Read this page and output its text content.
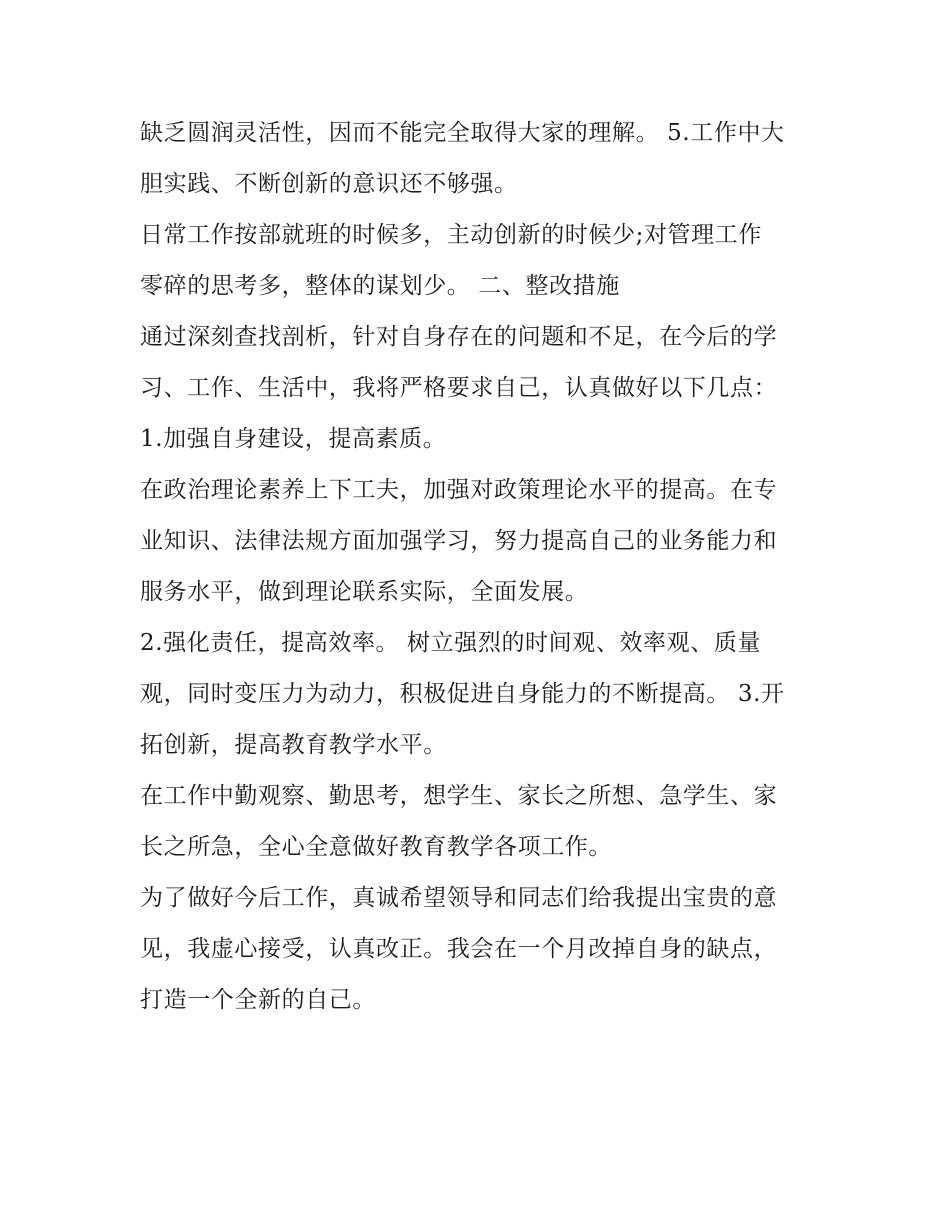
缺乏圆润灵活性，因而不能完全取得大家的理解。 5.工作中大
胆实践、不断创新的意识还不够强。
日常工作按部就班的时候多，主动创新的时候少;对管理工作
零碎的思考多，整体的谋划少。 二、整改措施
通过深刻查找剖析，针对自身存在的问题和不足，在今后的学
习、工作、生活中，我将严格要求自己，认真做好以下几点：
1.加强自身建设，提高素质。
在政治理论素养上下工夫，加强对政策理论水平的提高。在专
业知识、法律法规方面加强学习，努力提高自己的业务能力和
服务水平，做到理论联系实际，全面发展。
2.强化责任，提高效率。 树立强烈的时间观、效率观、质量
观，同时变压力为动力，积极促进自身能力的不断提高。 3.开
拓创新，提高教育教学水平。
在工作中勤观察、勤思考，想学生、家长之所想、急学生、家
长之所急，全心全意做好教育教学各项工作。
为了做好今后工作，真诚希望领导和同志们给我提出宝贵的意
见，我虚心接受，认真改正。我会在一个月改掉自身的缺点，
打造一个全新的自己。
